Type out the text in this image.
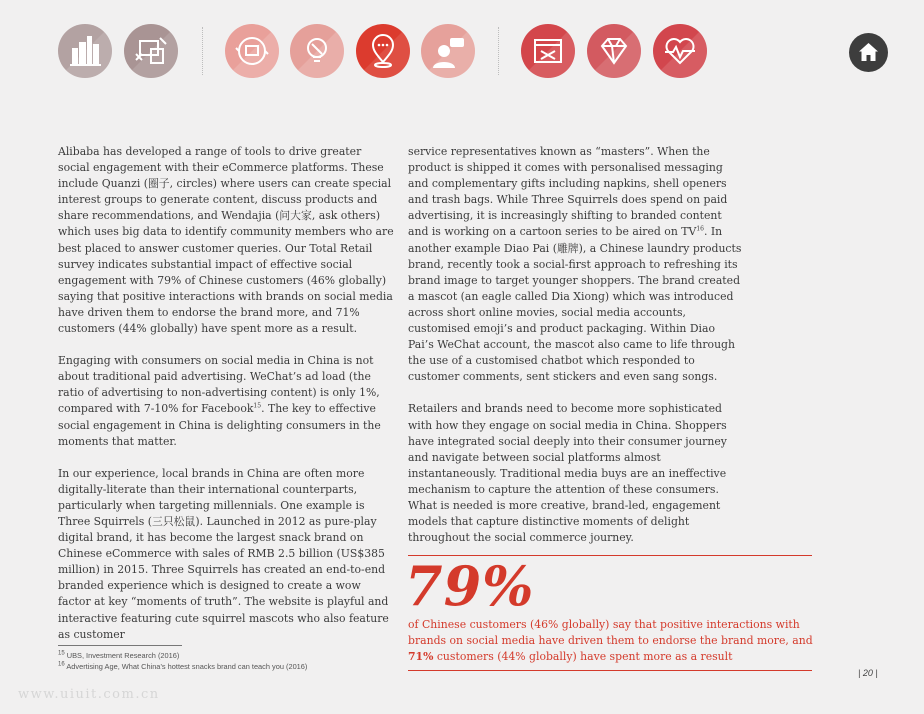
Alibaba has developed a range of tools to drive greater social engagement with their eCommerce platforms. These include Quanzi (圈子, circles) where users can create special interest groups to generate content, discuss products and share recommendations, and Wendajia (问大家, ask others) which uses big data to identify community members who are best placed to answer customer queries. Our Total Retail survey indicates substantial impact of effective social engagement with 79% of Chinese customers (46% globally) saying that positive interactions with brands on social media have driven them to endorse the brand more, and 71% customers (44% globally) have spent more as a result.

Engaging with consumers on social media in China is not about traditional paid advertising. WeChat’s ad load (the ratio of advertising to non-advertising content) is only 1%, compared with 7-10% for Facebook$^{15}$. The key to effective social engagement in China is delighting consumers in the moments that matter.

In our experience, local brands in China are often more digitally-literate than their international counterparts, particularly when targeting millennials. One example is Three Squirrels (三只松鼠). Launched in 2012 as pure-play digital brand, it has become the largest snack brand on Chinese eCommerce with sales of RMB 2.5 billion (US$385 million) in 2015. Three Squirrels has created an end-to-end branded experience which is designed to create a wow factor at key “moments of truth”. The website is playful and interactive featuring cute squirrel mascots who also feature as customer

$^{15}$ UBS, Investment Research (2016)
$^{16}$ Advertising Age, What China’s hottest snacks brand can teach you (2016)

service representatives known as “masters”. When the product is shipped it comes with personalised messaging and complementary gifts including napkins, shell openers and trash bags. While Three Squirrels does spend on paid advertising, it is increasingly shifting to branded content and is working on a cartoon series to be aired on TV$^{16}$. In another example Diao Pai (雕牌), a Chinese laundry products brand, recently took a social-first approach to refreshing its brand image to target younger shoppers. The brand created a mascot (an eagle called Dia Xiong) which was introduced across short online movies, social media accounts, customised emoji’s and product packaging. Within Diao Pai’s WeChat account, the mascot also came to life through the use of a customised chatbot which responded to customer comments, sent stickers and even sang songs.

Retailers and brands need to become more sophisticated with how they engage on social media in China. Shoppers have integrated social deeply into their consumer journey and navigate between social platforms almost instantaneously. Traditional media buys are an ineffective mechanism to capture the attention of these consumers. What is needed is more creative, brand-led, engagement models that capture distinctive moments of delight throughout the social commerce journey.

79%
of Chinese customers (46% globally) say that positive interactions with brands on social media have driven them to endorse the brand more, and 71% customers (44% globally) have spent more as a result
| 20 |
www.uiuit.com.cn
